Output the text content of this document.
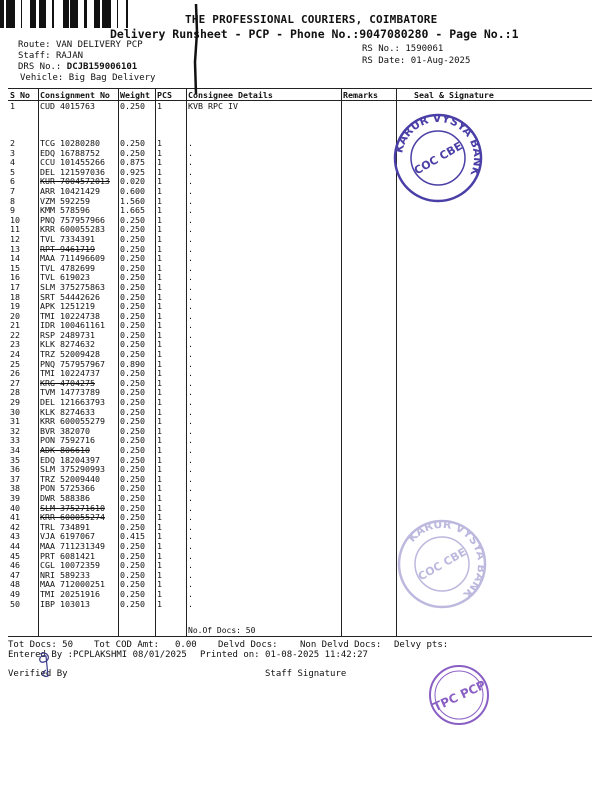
THE PROFESSIONAL COURIERS, COIMBATORE
Delivery Runsheet - PCP - Phone No.:9047080280 - Page No.:1
Route: VAN DELIVERY PCP
Staff: RAJAN
DRS No.: DCJB159006101
Vehicle: Big Bag Delivery
RS No.: 1590061
RS Date: 01-Aug-2025
S No	Consignment No	Weight	PCS	Consignee Details	Remarks	Seal & Signature
1	CUD 4015763	0.250	1	KVB RPC IV		
2	TCG 10280280	0.250	1	.		
3	EDQ 16788752	0.250	1	.		
4	CCU 101455266	0.875	1	.		
5	DEL 121597036	0.925	1	.		
6	KUR 7004572013	0.020	1	.		
7	ARR 10421429	0.600	1	.		
8	VZM 592259	1.560	1	.		
9	KMM 578596	1.665	1	.		
10	PNQ 757957966	0.250	1	.		
11	KRR 600055283	0.250	1	.		
12	TVL 7334391	0.250	1	.		
13	RPT 9461719	0.250	1	.		
14	MAA 711496609	0.250	1	.		
15	TVL 4782699	0.250	1	.		
16	TVL 619023	0.250	1	.		
17	SLM 375275863	0.250	1	.		
18	SRT 54442626	0.250	1	.		
19	APK 1251219	0.250	1	.		
20	TMI 10224738	0.250	1	.		
21	IDR 100461161	0.250	1	.		
22	RSP 2489731	0.250	1	.		
23	KLK 8274632	0.250	1	.		
24	TRZ 52009428	0.250	1	.		
25	PNQ 757957967	0.890	1	.		
26	TMI 10224737	0.250	1	.		
27	KRG 4704275	0.250	1	.		
28	TVM 14773789	0.250	1	.		
29	DEL 121663793	0.250	1	.		
30	KLK 8274633	0.250	1	.		
31	KRR 600055279	0.250	1	.		
32	BVR 382070	0.250	1	.		
33	PON 7592716	0.250	1	.		
34	ADK 806610	0.250	1	.		
35	EDQ 18204397	0.250	1	.		
36	SLM 375290993	0.250	1	.		
37	TRZ 52009440	0.250	1	.		
38	PON 5725366	0.250	1	.		
39	DWR 588386	0.250	1	.		
40	SLM 375271610	0.250	1	.		
41	KRR 600055274	0.250	1	.		
42	TRL 734891	0.250	1	.		
43	VJA 6197067	0.415	1	.		
44	MAA 711231349	0.250	1	.		
45	PRT 6081421	0.250	1	.		
46	CGL 10072359	0.250	1	.		
47	NRI 589233	0.250	1	.		
48	MAA 712000251	0.250	1	.		
49	TMI 20251916	0.250	1	.		
50	IBP 103013	0.250	1	.		
No.Of Docs: 50
Tot Docs: 50 Tot COD Amt: 0.00 Delvd Docs: Non Delvd Docs: Delvy pts:
Entered By :PCPLAKSHMI 08/01/2025 Printed on: 01-08-2025 11:42:27
Verified By	Staff Signature
KARUR VYSYA BANK
COC CBE
KARUR VYSYA BANK
COC CBE
TPC PCP
